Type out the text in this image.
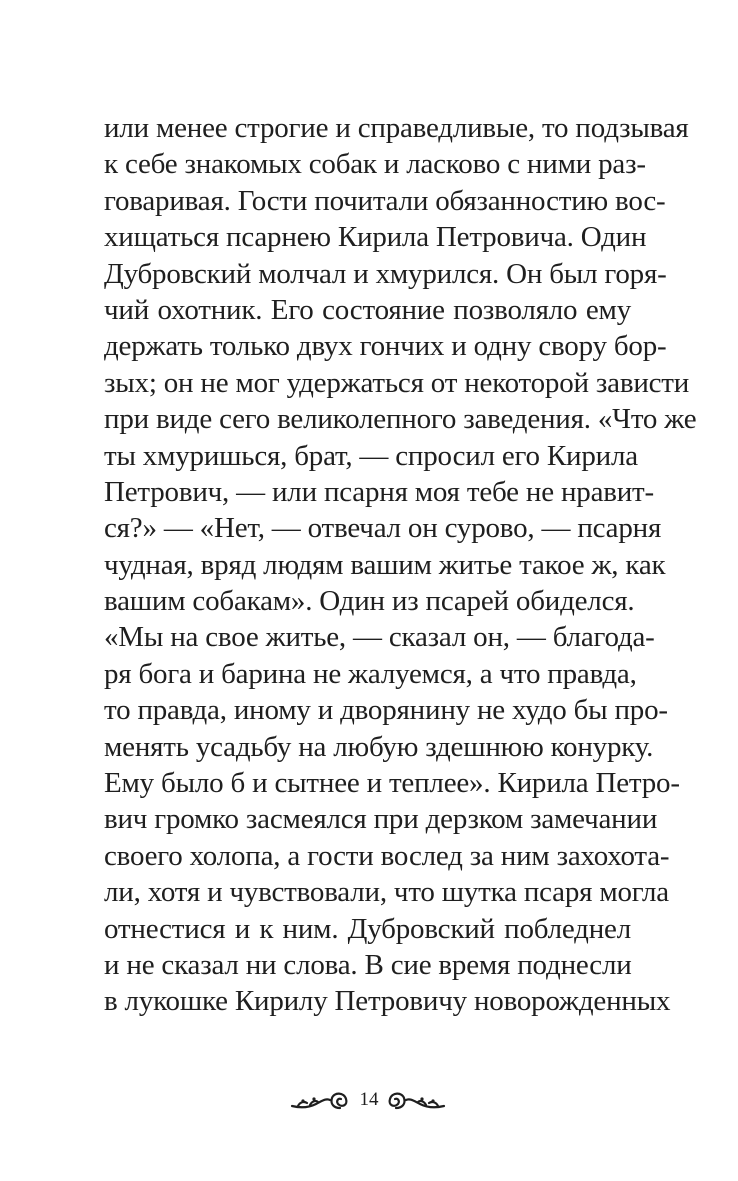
или менее строгие и справедливые, то подзывая
к себе знакомых собак и ласково с ними раз-
говаривая. Гости почитали обязанностию вос-
хищаться псарнею Кирила Петровича. Один
Дубровский молчал и хмурился. Он был горя-
чий охотник. Его состояние позволяло ему
держать только двух гончих и одну свору бор-
зых; он не мог удержаться от некоторой зависти
при виде сего великолепного заведения. «Что же
ты хмуришься, брат, — спросил его Кирила
Петрович, — или псарня моя тебе не нравит-
ся?» — «Нет, — отвечал он сурово, — псарня
чудная, вряд людям вашим житье такое ж, как
вашим собакам». Один из псарей обиделся.
«Мы на свое житье, — сказал он, — благода-
ря бога и барина не жалуемся, а что правда,
то правда, иному и дворянину не худо бы про-
менять усадьбу на любую здешнюю конурку.
Ему было б и сытнее и теплее». Кирила Петро-
вич громко засмеялся при дерзком замечании
своего холопа, а гости вослед за ним захохота-
ли, хотя и чувствовали, что шутка псаря могла
отнестися и к ним. Дубровский побледнел
и не сказал ни слова. В сие время поднесли
в лукошке Кирилу Петровичу новорожденных
14
